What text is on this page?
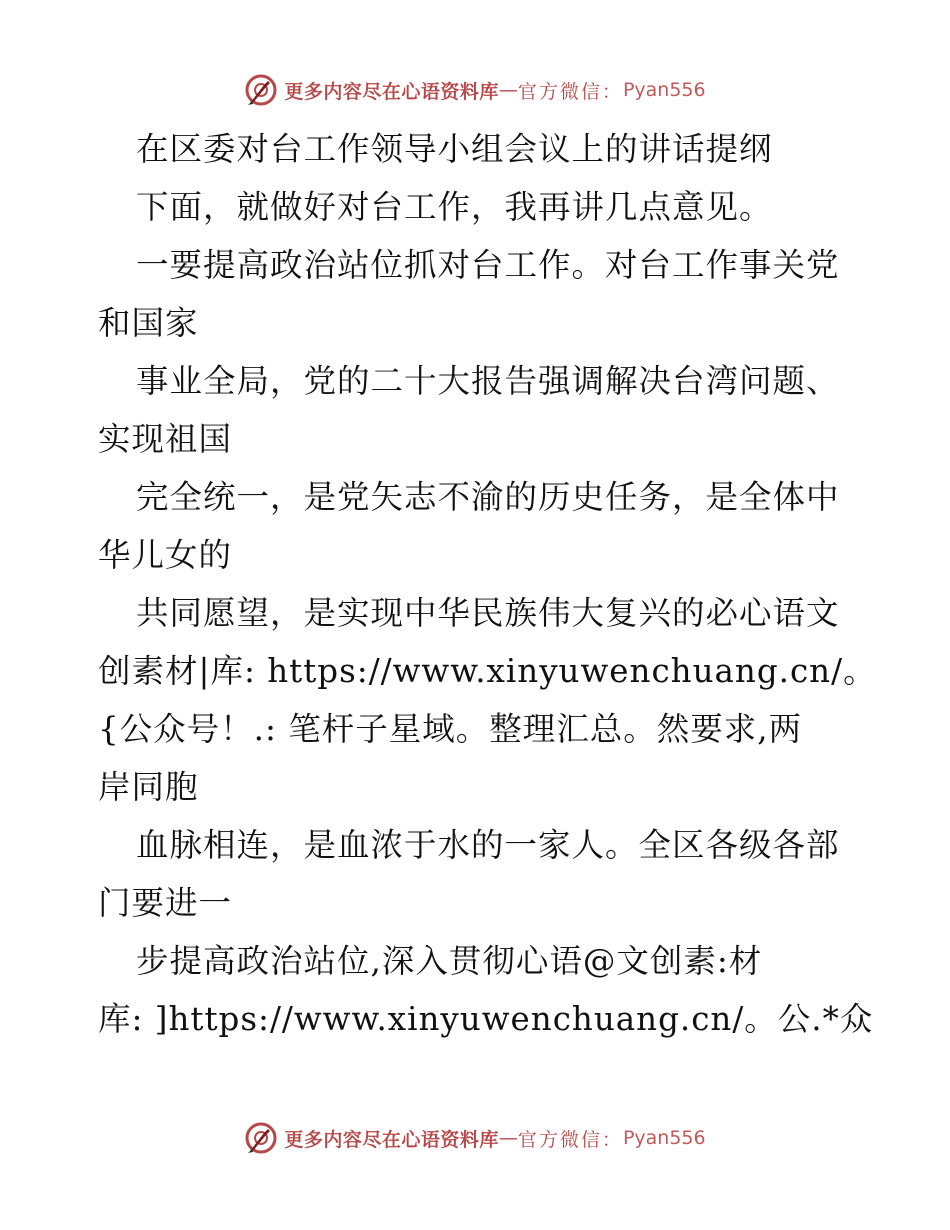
更多内容尽在心语资料库 — 官方微信： Pyan556
在区委对台工作领导小组会议上的讲话提纲
下面，就做好对台工作，我再讲几点意见。
一要提高政治站位抓对台工作。对台工作事关党
和国家
事业全局，党的二十大报告强调解决台湾问题、
实现祖国
完全统一，是党矢志不渝的历史任务，是全体中
华儿女的
共同愿望，是实现中华民族伟大复兴的必心语文
创素材|库: https://www.xinyuwenchuang.cn/。
{公众号！.: 笔杆子星域。整理汇总。然要求,两
岸同胞
血脉相连，是血浓于水的一家人。全区各级各部
门要进一
步提高政治站位,深入贯彻心语@文创素:材
库: ]https://www.xinyuwenchuang.cn/。公.*众
更多内容尽在心语资料库 — 官方微信： Pyan556
